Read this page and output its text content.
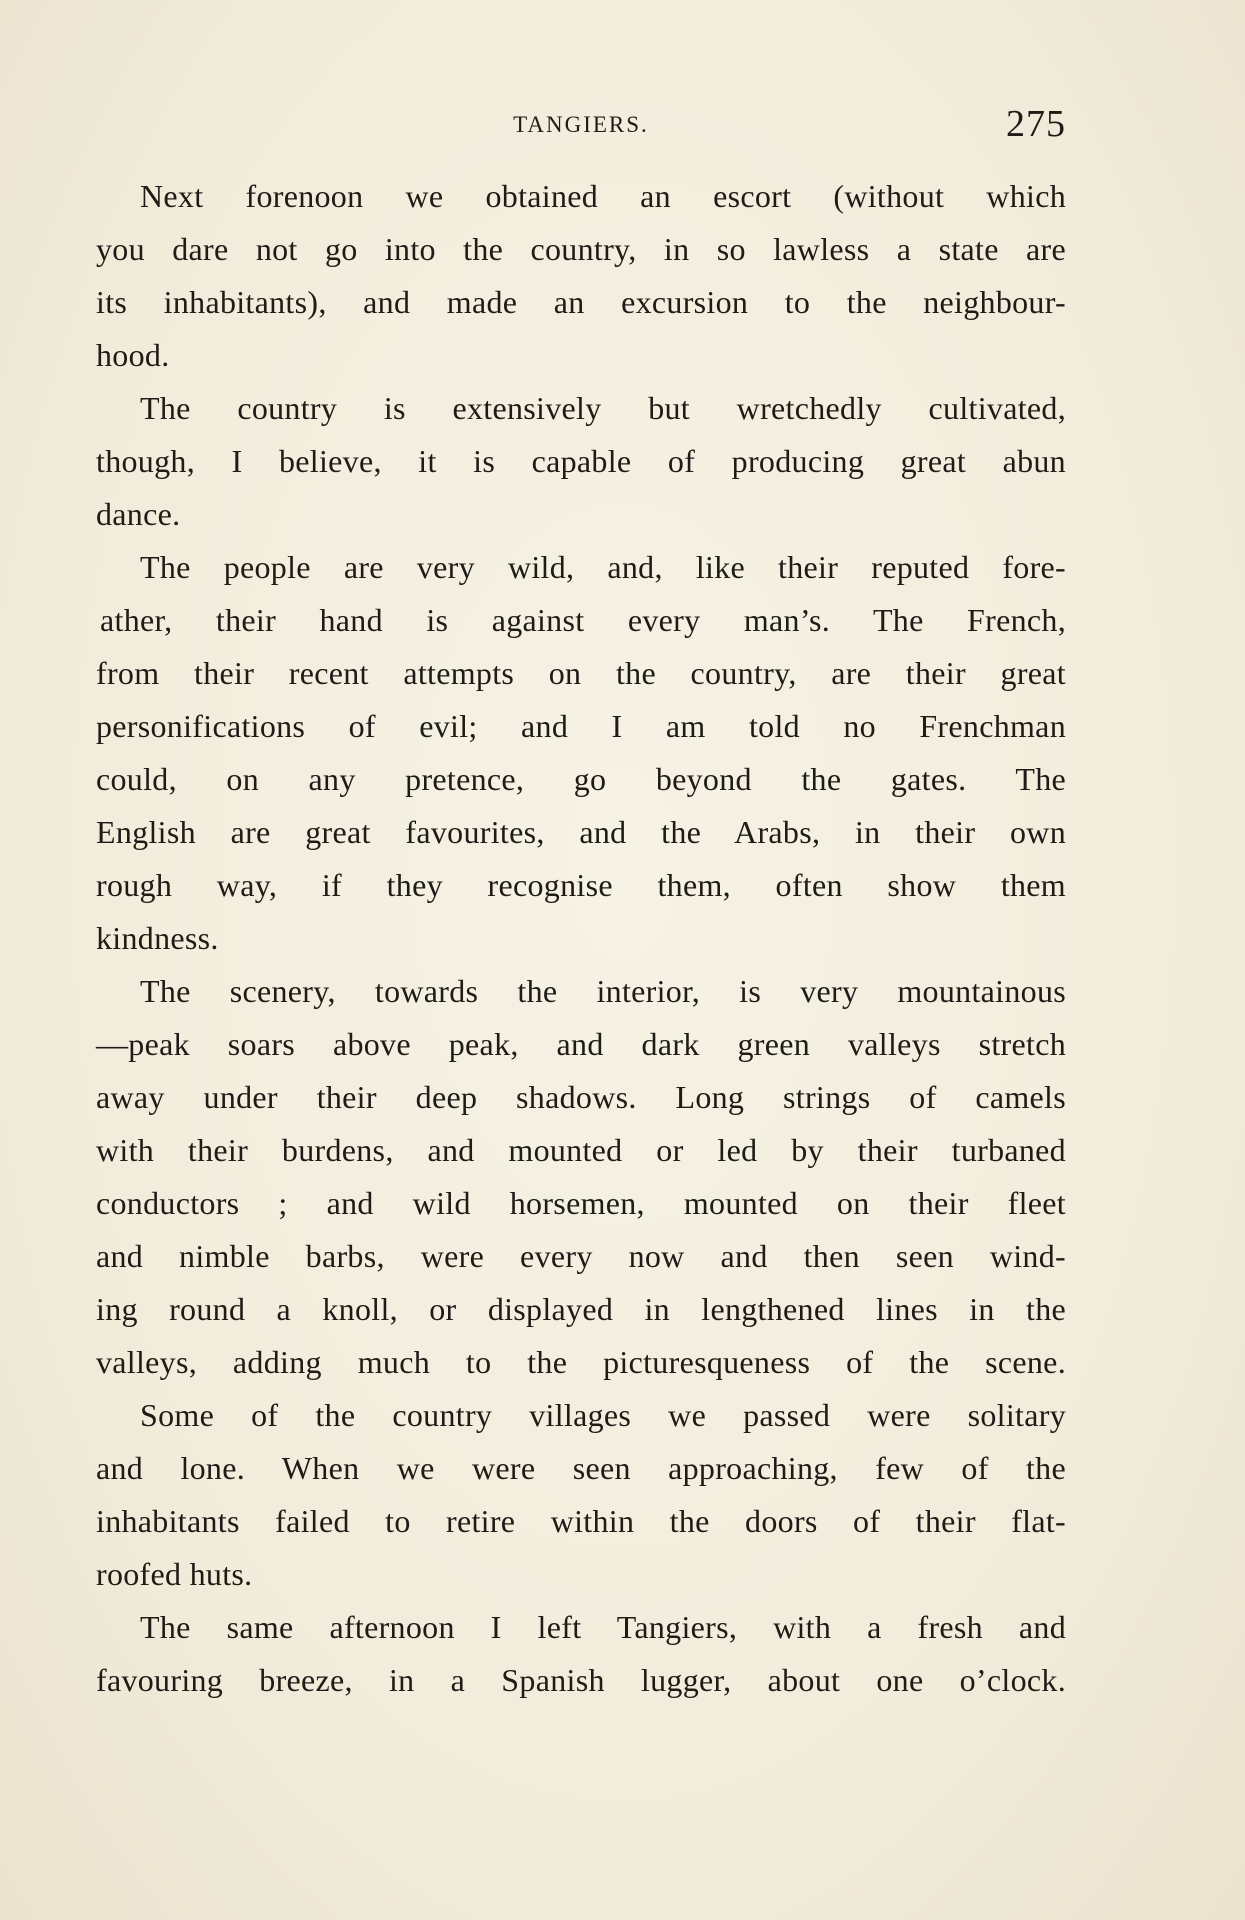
TANGIERS.	275
Next forenoon we obtained an escort (without which
you dare not go into the country, in so lawless a state are
its inhabitants), and made an excursion to the neighbour-
hood.
The country is extensively but wretchedly cultivated,
though, I believe, it is capable of producing great abun
dance.
The people are very wild, and, like their reputed fore-
ather, their hand is against every man’s. The French,
from their recent attempts on the country, are their great
personifications of evil; and I am told no Frenchman
could, on any pretence, go beyond the gates. The
English are great favourites, and the Arabs, in their own
rough way, if they recognise them, often show them
kindness.
The scenery, towards the interior, is very mountainous
—peak soars above peak, and dark green valleys stretch
away under their deep shadows. Long strings of camels
with their burdens, and mounted or led by their turbaned
conductors ; and wild horsemen, mounted on their fleet
and nimble barbs, were every now and then seen wind-
ing round a knoll, or displayed in lengthened lines in the
valleys, adding much to the picturesqueness of the scene.
Some of the country villages we passed were solitary
and lone. When we were seen approaching, few of the
inhabitants failed to retire within the doors of their flat-
roofed huts.
The same afternoon I left Tangiers, with a fresh and
favouring breeze, in a Spanish lugger, about one o’clock.
